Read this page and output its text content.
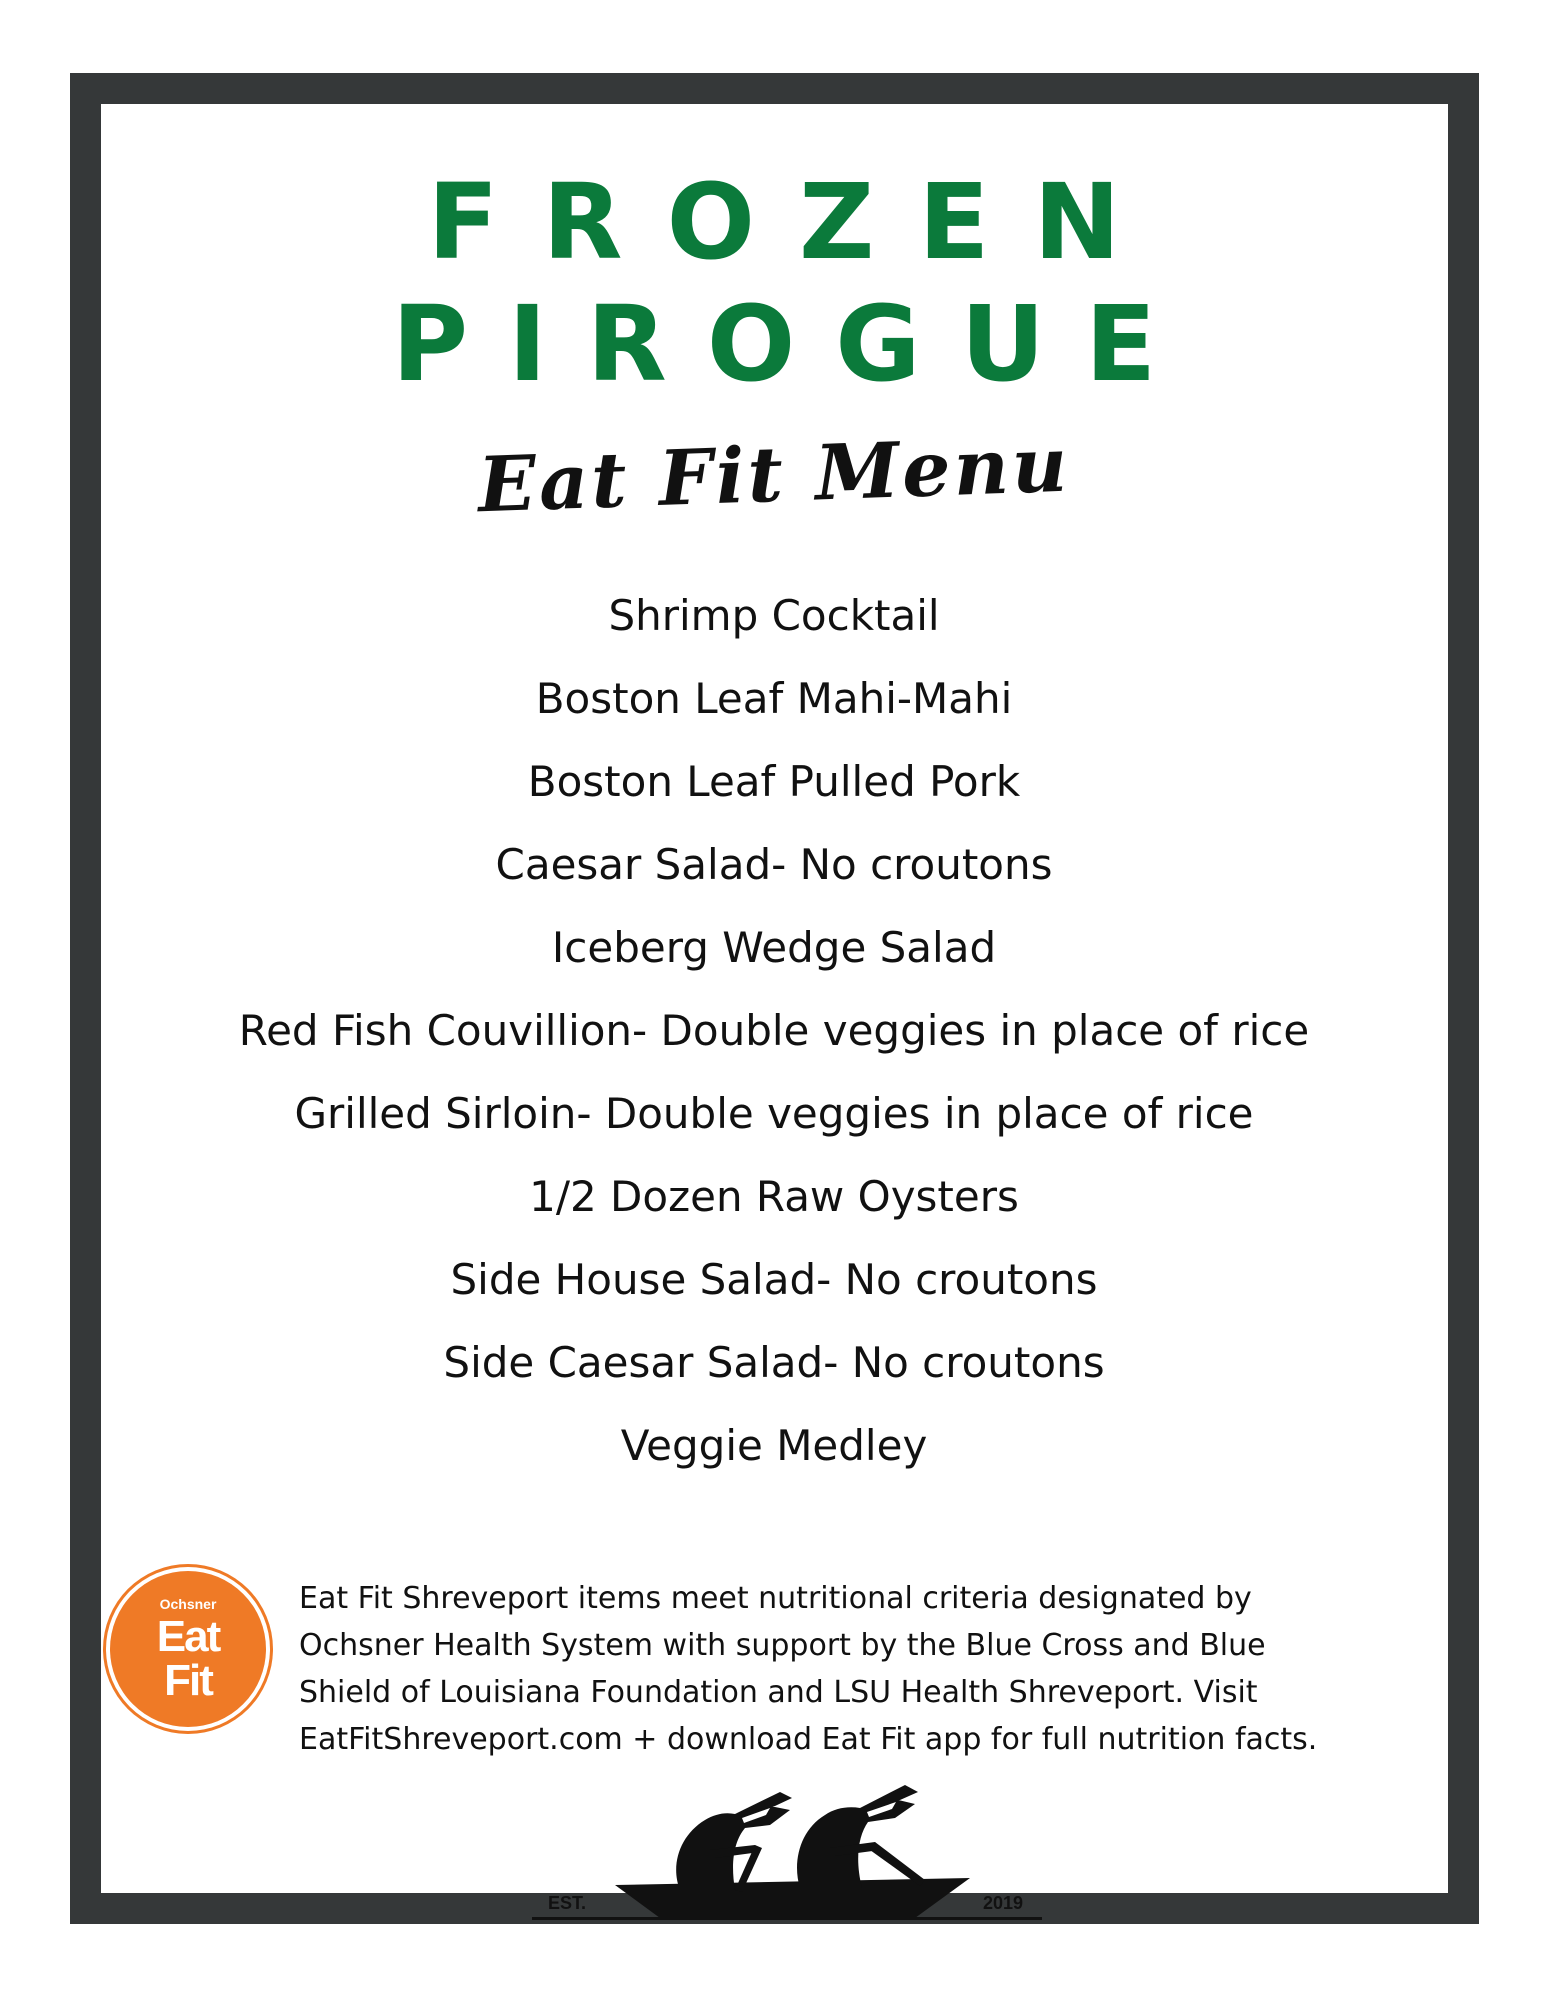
FROZEN
PIROGUE
Eat Fit Menu
Shrimp Cocktail
Boston Leaf Mahi-Mahi
Boston Leaf Pulled Pork
Caesar Salad- No croutons
Iceberg Wedge Salad
Red Fish Couvillion- Double veggies in place of rice
Grilled Sirloin- Double veggies in place of rice
1/2 Dozen Raw Oysters
Side House Salad- No croutons
Side Caesar Salad- No croutons
Veggie Medley
Ochsner
Eat
Fit
Eat Fit Shreveport items meet nutritional criteria designated by
Ochsner Health System with support by the Blue Cross and Blue
Shield of Louisiana Foundation and LSU Health Shreveport. Visit
EatFitShreveport.com + download Eat Fit app for full nutrition facts.
EST.	2019
